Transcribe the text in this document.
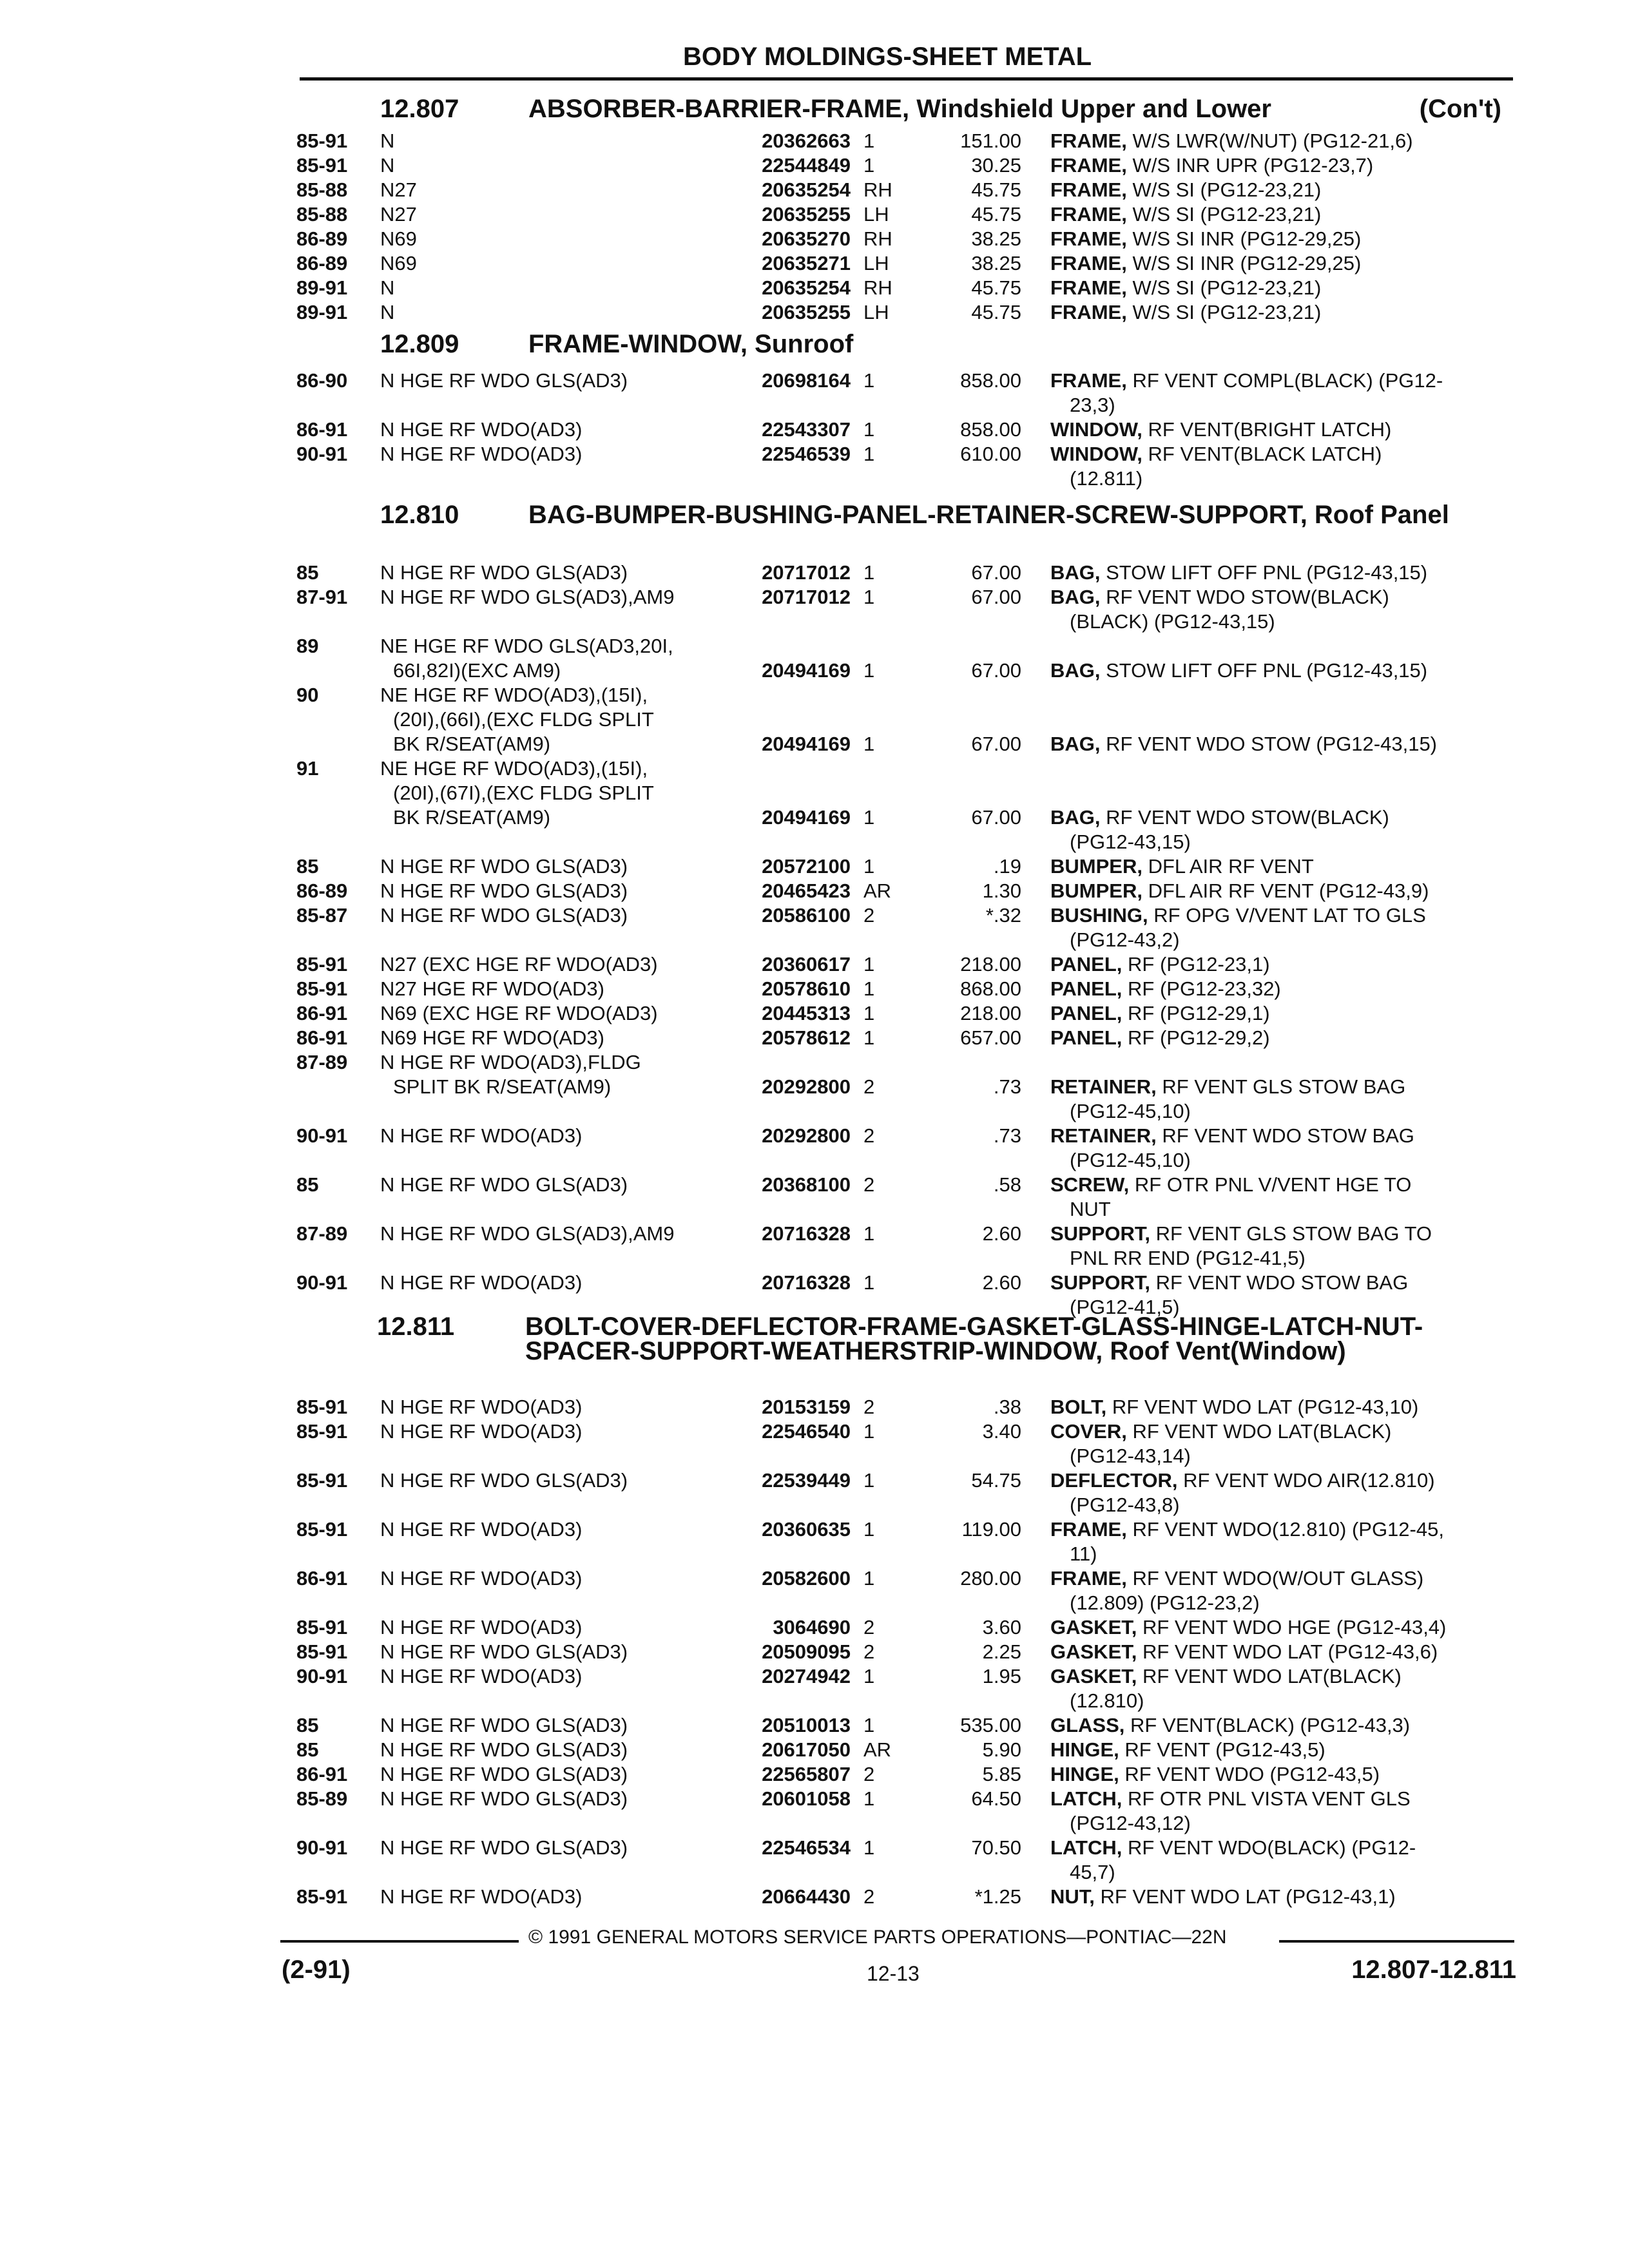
BODY MOLDINGS-SHEET METAL
12.807	ABSORBER-BARRIER-FRAME, Windshield Upper and Lower	(Con't)
85-91	N	20362663 1	151.00 FRAME, W/S LWR(W/NUT) (PG12-21,6)
85-91	N	22544849 1	30.25 FRAME, W/S INR UPR (PG12-23,7)
85-88	N27	20635254 RH	45.75 FRAME, W/S SI (PG12-23,21)
85-88	N27	20635255 LH	45.75 FRAME, W/S SI (PG12-23,21)
86-89	N69	20635270 RH	38.25 FRAME, W/S SI INR (PG12-29,25)
86-89	N69	20635271 LH	38.25 FRAME, W/S SI INR (PG12-29,25)
89-91	N	20635254 RH	45.75 FRAME, W/S SI (PG12-23,21)
89-91	N	20635255 LH	45.75 FRAME, W/S SI (PG12-23,21)
12.809	FRAME-WINDOW, Sunroof
86-90	N HGE RF WDO GLS(AD3)	20698164 1	858.00 FRAME, RF VENT COMPL(BLACK) (PG12-
23,3)
86-91	N HGE RF WDO(AD3)	22543307 1	858.00 WINDOW, RF VENT(BRIGHT LATCH)
90-91	N HGE RF WDO(AD3)	22546539 1	610.00 WINDOW, RF VENT(BLACK LATCH)
(12.811)
12.810	BAG-BUMPER-BUSHING-PANEL-RETAINER-SCREW-SUPPORT, Roof Panel
85	N HGE RF WDO GLS(AD3)	20717012 1	67.00 BAG, STOW LIFT OFF PNL (PG12-43,15)
87-91	N HGE RF WDO GLS(AD3),AM9	20717012 1	67.00 BAG, RF VENT WDO STOW(BLACK)
(BLACK) (PG12-43,15)
89	NE HGE RF WDO GLS(AD3,20I,
66I,82I)(EXC AM9)	20494169 1	67.00 BAG, STOW LIFT OFF PNL (PG12-43,15)
90	NE HGE RF WDO(AD3),(15I),
(20I),(66I),(EXC FLDG SPLIT
BK R/SEAT(AM9)	20494169 1	67.00 BAG, RF VENT WDO STOW (PG12-43,15)
91	NE HGE RF WDO(AD3),(15I),
(20I),(67I),(EXC FLDG SPLIT
BK R/SEAT(AM9)	20494169 1	67.00 BAG, RF VENT WDO STOW(BLACK)
(PG12-43,15)
85	N HGE RF WDO GLS(AD3)	20572100 1	.19 BUMPER, DFL AIR RF VENT
86-89	N HGE RF WDO GLS(AD3)	20465423 AR	1.30 BUMPER, DFL AIR RF VENT (PG12-43,9)
85-87	N HGE RF WDO GLS(AD3)	20586100 2	*.32 BUSHING, RF OPG V/VENT LAT TO GLS
(PG12-43,2)
85-91	N27 (EXC HGE RF WDO(AD3)	20360617 1	218.00 PANEL, RF (PG12-23,1)
85-91	N27 HGE RF WDO(AD3)	20578610 1	868.00 PANEL, RF (PG12-23,32)
86-91	N69 (EXC HGE RF WDO(AD3)	20445313 1	218.00 PANEL, RF (PG12-29,1)
86-91	N69 HGE RF WDO(AD3)	20578612 1	657.00 PANEL, RF (PG12-29,2)
87-89	N HGE RF WDO(AD3),FLDG
SPLIT BK R/SEAT(AM9)	20292800 2	.73 RETAINER, RF VENT GLS STOW BAG
(PG12-45,10)
90-91	N HGE RF WDO(AD3)	20292800 2	.73 RETAINER, RF VENT WDO STOW BAG
(PG12-45,10)
85	N HGE RF WDO GLS(AD3)	20368100 2	.58 SCREW, RF OTR PNL V/VENT HGE TO
NUT
87-89	N HGE RF WDO GLS(AD3),AM9	20716328 1	2.60 SUPPORT, RF VENT GLS STOW BAG TO
PNL RR END (PG12-41,5)
90-91	N HGE RF WDO(AD3)	20716328 1	2.60 SUPPORT, RF VENT WDO STOW BAG
(PG12-41,5)
12.811	BOLT-COVER-DEFLECTOR-FRAME-GASKET-GLASS-HINGE-LATCH-NUT-SPACER-SUPPORT-WEATHERSTRIP-WINDOW, Roof Vent(Window)
85-91	N HGE RF WDO(AD3)	20153159 2	.38 BOLT, RF VENT WDO LAT (PG12-43,10)
85-91	N HGE RF WDO(AD3)	22546540 1	3.40 COVER, RF VENT WDO LAT(BLACK)
(PG12-43,14)
85-91	N HGE RF WDO GLS(AD3)	22539449 1	54.75 DEFLECTOR, RF VENT WDO AIR(12.810)
(PG12-43,8)
85-91	N HGE RF WDO(AD3)	20360635 1	119.00 FRAME, RF VENT WDO(12.810) (PG12-45,
11)
86-91	N HGE RF WDO(AD3)	20582600 1	280.00 FRAME, RF VENT WDO(W/OUT GLASS)
(12.809) (PG12-23,2)
85-91	N HGE RF WDO(AD3)	3064690 2	3.60 GASKET, RF VENT WDO HGE (PG12-43,4)
85-91	N HGE RF WDO GLS(AD3)	20509095 2	2.25 GASKET, RF VENT WDO LAT (PG12-43,6)
90-91	N HGE RF WDO(AD3)	20274942 1	1.95 GASKET, RF VENT WDO LAT(BLACK)
(12.810)
85	N HGE RF WDO GLS(AD3)	20510013 1	535.00 GLASS, RF VENT(BLACK) (PG12-43,3)
85	N HGE RF WDO GLS(AD3)	20617050 AR	5.90 HINGE, RF VENT (PG12-43,5)
86-91	N HGE RF WDO GLS(AD3)	22565807 2	5.85 HINGE, RF VENT WDO (PG12-43,5)
85-89	N HGE RF WDO GLS(AD3)	20601058 1	64.50 LATCH, RF OTR PNL VISTA VENT GLS
(PG12-43,12)
90-91	N HGE RF WDO GLS(AD3)	22546534 1	70.50 LATCH, RF VENT WDO(BLACK) (PG12-
45,7)
85-91	N HGE RF WDO(AD3)	20664430 2	*1.25 NUT, RF VENT WDO LAT (PG12-43,1)
© 1991 GENERAL MOTORS SERVICE PARTS OPERATIONS—PONTIAC—22N
(2-91)	12-13	12.807-12.811
